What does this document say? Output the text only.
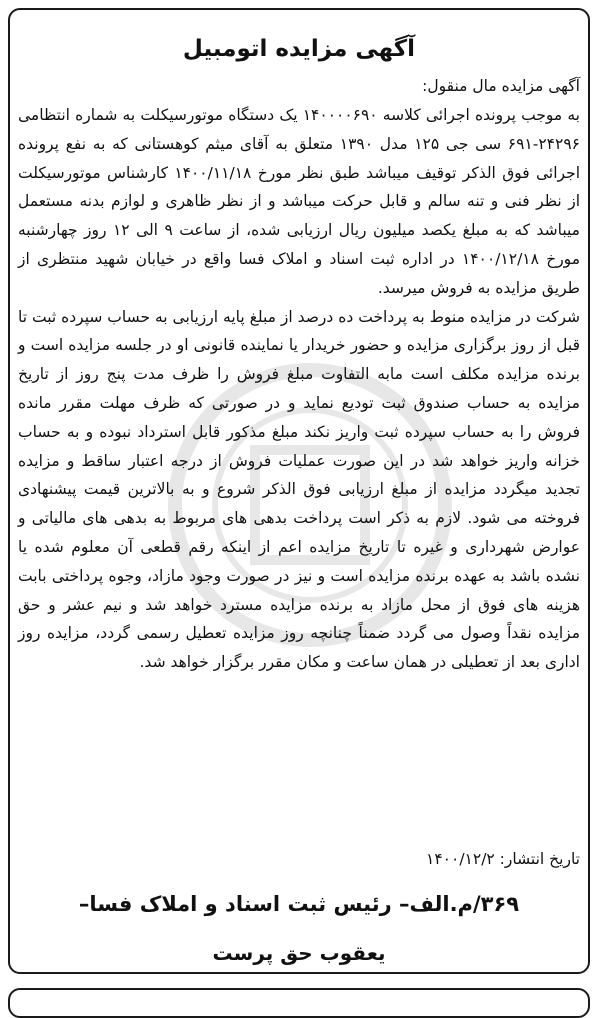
آگهی مزایده اتومبیل
آگهی مزایده مال منقول:

به موجب پرونده اجرائی کلاسه ۱۴۰۰۰۰۶۹۰ یک دستگاه موتورسیکلت به شماره انتظامی ۲۴۲۹۶-۶۹۱ سی جی ۱۲۵ مدل ۱۳۹۰ متعلق به آقای میثم کوهستانی که به نفع پرونده اجرائی فوق الذکر توقیف میباشد طبق نظر مورخ ۱۴۰۰/۱۱/۱۸ کارشناس موتورسیکلت از نظر فنی و تنه سالم و قابل حرکت میباشد و از نظر ظاهری و لوازم بدنه مستعمل میباشد که به مبلغ یکصد میلیون ریال ارزیابی شده، از ساعت ۹ الی ۱۲ روز چهارشنبه مورخ ۱۴۰۰/۱۲/۱۸ در اداره ثبت اسناد و املاک فسا واقع در خیابان شهید منتظری از طریق مزایده به فروش میرسد.

شرکت در مزایده منوط به پرداخت ده درصد از مبلغ پایه ارزیابی به حساب سپرده ثبت تا قبل از روز برگزاری مزایده و حضور خریدار یا نماینده قانونی او در جلسه مزایده است و برنده مزایده مکلف است مابه التفاوت مبلغ فروش را ظرف مدت پنج روز از تاریخ مزایده به حساب صندوق ثبت تودیع نماید و در صورتی که ظرف مهلت مقرر مانده فروش را به حساب سپرده ثبت واریز نکند مبلغ مذکور قابل استرداد نبوده و به حساب خزانه واریز خواهد شد در این صورت عملیات فروش از درجه اعتبار ساقط و مزایده تجدید میگردد مزایده از مبلغ ارزیابی فوق الذکر شروع و به بالاترین قیمت پیشنهادی فروخته می شود. لازم به ذکر است پرداخت بدهی های مربوط به بدهی های مالیاتی و عوارض شهرداری و غیره تا تاریخ مزایده اعم از اینکه رقم قطعی آن معلوم شده یا نشده باشد به عهده برنده مزایده است و نیز در صورت وجود مازاد، وجوه پرداختی بابت هزینه های فوق از محل مازاد به برنده مزایده مسترد خواهد شد و نیم عشر و حق مزایده نقداً وصول می گردد ضمناً چنانچه روز مزایده تعطیل رسمی گردد، مزایده روز اداری بعد از تعطیلی در همان ساعت و مکان مقرر برگزار خواهد شد.

تاریخ انتشار: ۱۴۰۰/۱۲/۲
۳۶۹/م.الف– رئیس ثبت اسناد و املاک فسا–
یعقوب حق پرست
